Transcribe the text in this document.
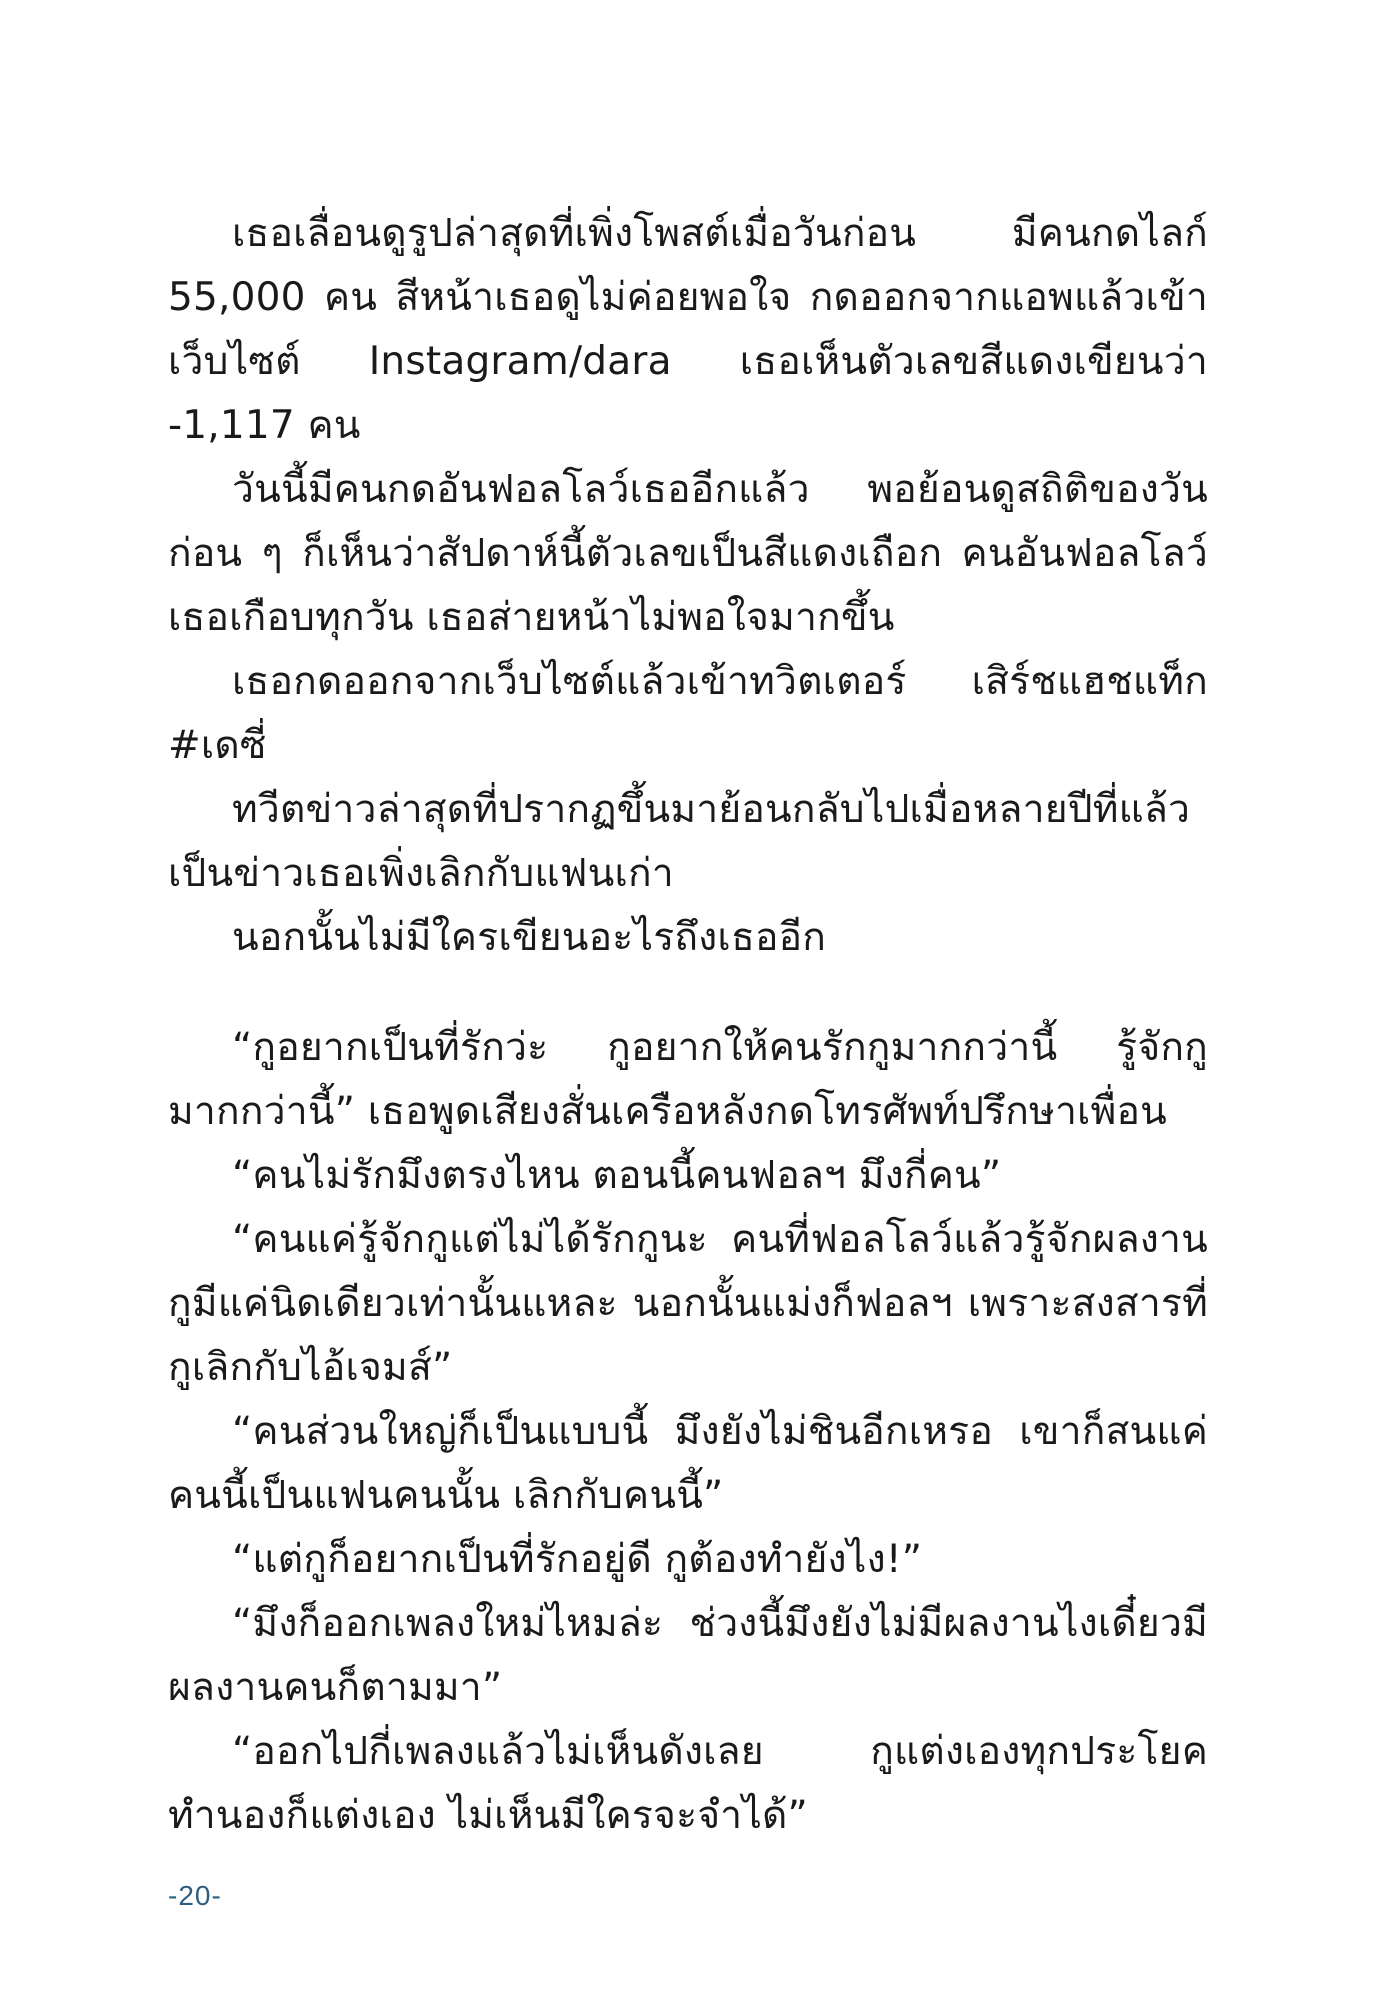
เธอเลื่อนดูรูปล่าสุดที่เพิ่งโพสต์เมื่อวันก่อน มีคนกดไลก์ 55,000 คน สีหน้าเธอดูไม่ค่อยพอใจ กดออกจากแอพแล้วเข้าเว็บไซต์ Instagram/dara เธอเห็นตัวเลขสีแดงเขียนว่า -1,117 คน

วันนี้มีคนกดอันฟอลโลว์เธออีกแล้ว พอย้อนดูสถิติของวันก่อน ๆ ก็เห็นว่าสัปดาห์นี้ตัวเลขเป็นสีแดงเถือก คนอันฟอลโลว์เธอเกือบทุกวัน เธอส่ายหน้าไม่พอใจมากขึ้น

เธอกดออกจากเว็บไซต์แล้วเข้าทวิตเตอร์ เสิร์ชแฮชแท็ก #เดซี่

ทวีตข่าวล่าสุดที่ปรากฏขึ้นมาย้อนกลับไปเมื่อหลายปีที่แล้วเป็นข่าวเธอเพิ่งเลิกกับแฟนเก่า

นอกนั้นไม่มีใครเขียนอะไรถึงเธออีก

“กูอยากเป็นที่รักว่ะ กูอยากให้คนรักกูมากกว่านี้ รู้จักกูมากกว่านี้” เธอพูดเสียงสั่นเครือหลังกดโทรศัพท์ปรึกษาเพื่อน

“คนไม่รักมึงตรงไหน ตอนนี้คนฟอลฯ มึงกี่คน”

“คนแค่รู้จักกูแต่ไม่ได้รักกูนะ คนที่ฟอลโลว์แล้วรู้จักผลงานกูมีแค่นิดเดียวเท่านั้นแหละ นอกนั้นแม่งก็ฟอลฯ เพราะสงสารที่กูเลิกกับไอ้เจมส์”

“คนส่วนใหญ่ก็เป็นแบบนี้ มึงยังไม่ชินอีกเหรอ เขาก็สนแค่คนนี้เป็นแฟนคนนั้น เลิกกับคนนี้”

“แต่กูก็อยากเป็นที่รักอยู่ดี กูต้องทำยังไง!”

“มึงก็ออกเพลงใหม่ไหมล่ะ ช่วงนี้มึงยังไม่มีผลงานไงเดี๋ยวมีผลงานคนก็ตามมา”

“ออกไปกี่เพลงแล้วไม่เห็นดังเลย กูแต่งเองทุกประโยคทำนองก็แต่งเอง ไม่เห็นมีใครจะจำได้”

-20-
